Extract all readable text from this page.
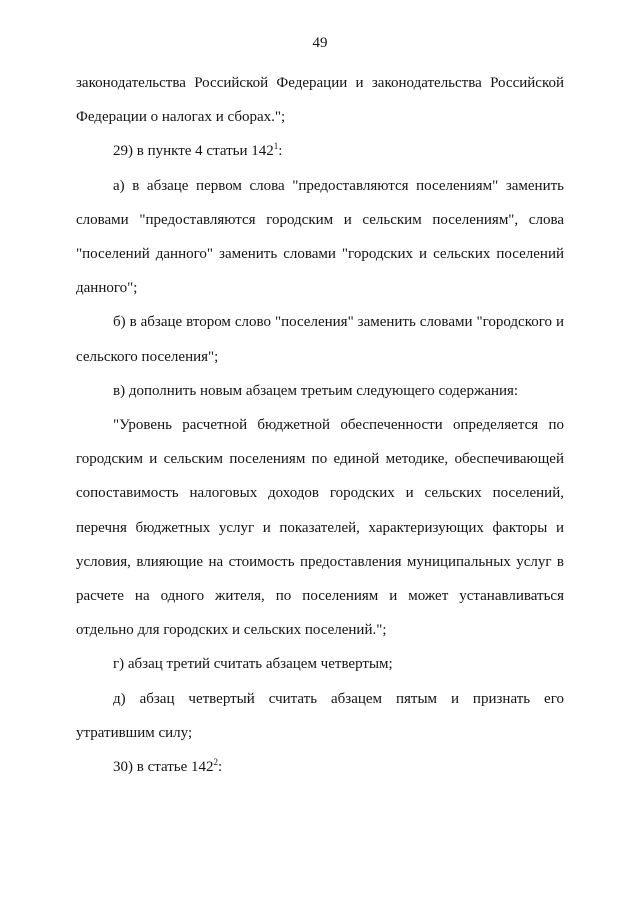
49

законодательства Российской Федерации и законодательства Российской Федерации о налогах и сборах.";

29) в пункте 4 статьи $142^1$:

а) в абзаце первом слова "предоставляются поселениям" заменить словами "предоставляются городским и сельским поселениям", слова "поселений данного" заменить словами "городских и сельских поселений данного";

б) в абзаце втором слово "поселения" заменить словами "городского и сельского поселения";

в) дополнить новым абзацем третьим следующего содержания:

"Уровень расчетной бюджетной обеспеченности определяется по городским и сельским поселениям по единой методике, обеспечивающей сопоставимость налоговых доходов городских и сельских поселений, перечня бюджетных услуг и показателей, характеризующих факторы и условия, влияющие на стоимость предоставления муниципальных услуг в расчете на одного жителя, по поселениям и может устанавливаться отдельно для городских и сельских поселений.";

г) абзац третий считать абзацем четвертым;

д) абзац четвертый считать абзацем пятым и признать его утратившим силу;

30) в статье $142^2$:
